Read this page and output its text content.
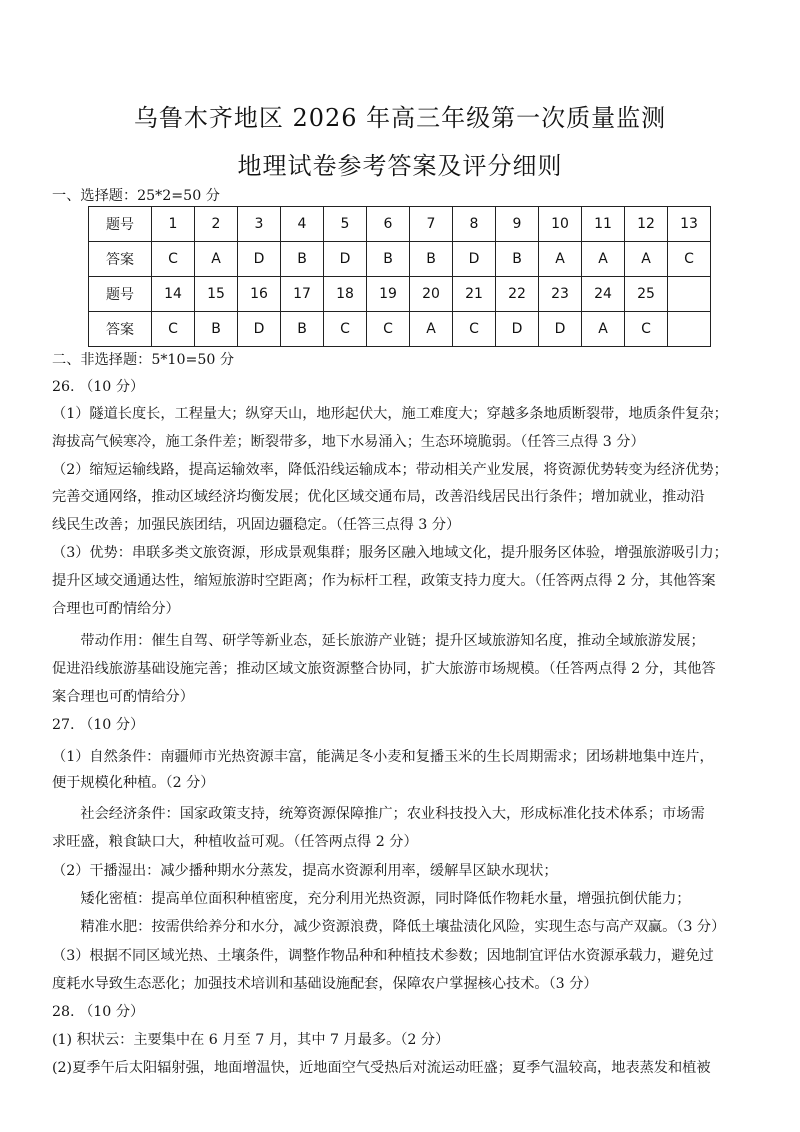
乌鲁木齐地区 2026 年高三年级第一次质量监测
地理试卷参考答案及评分细则
一、选择题：25*2=50 分
题号	1	2	3	4	5	6	7	8	9	10	11	12	13
答案	C	A	D	B	D	B	B	D	B	A	A	A	C
题号	14	15	16	17	18	19	20	21	22	23	24	25	
答案	C	B	D	B	C	C	A	C	D	D	A	C	
二、非选择题：5*10=50 分
26. （10 分）
（1）隧道长度长，工程量大；纵穿天山，地形起伏大，施工难度大；穿越多条地质断裂带，地质条件复杂；
海拔高气候寒冷，施工条件差；断裂带多，地下水易涌入；生态环境脆弱。（任答三点得 3 分）
（2）缩短运输线路，提高运输效率，降低沿线运输成本；带动相关产业发展，将资源优势转变为经济优势；
完善交通网络，推动区域经济均衡发展；优化区域交通布局，改善沿线居民出行条件；增加就业，推动沿
线民生改善；加强民族团结，巩固边疆稳定。（任答三点得 3 分）
（3）优势：串联多类文旅资源，形成景观集群；服务区融入地域文化，提升服务区体验，增强旅游吸引力；
提升区域交通通达性，缩短旅游时空距离；作为标杆工程，政策支持力度大。（任答两点得 2 分，其他答案
合理也可酌情给分）
　　带动作用：催生自驾、研学等新业态，延长旅游产业链；提升区域旅游知名度，推动全域旅游发展；
促进沿线旅游基础设施完善；推动区域文旅资源整合协同，扩大旅游市场规模。（任答两点得 2 分，其他答
案合理也可酌情给分）
27. （10 分）
（1）自然条件：南疆师市光热资源丰富，能满足冬小麦和复播玉米的生长周期需求；团场耕地集中连片，
便于规模化种植。（2 分）
　　社会经济条件：国家政策支持，统筹资源保障推广；农业科技投入大，形成标准化技术体系；市场需
求旺盛，粮食缺口大，种植收益可观。（任答两点得 2 分）
（2）干播湿出：减少播种期水分蒸发，提高水资源利用率，缓解旱区缺水现状；
　　矮化密植：提高单位面积种植密度，充分利用光热资源，同时降低作物耗水量，增强抗倒伏能力；
　　精准水肥：按需供给养分和水分，减少资源浪费，降低土壤盐渍化风险，实现生态与高产双赢。（3 分）
（3）根据不同区域光热、土壤条件，调整作物品种和种植技术参数；因地制宜评估水资源承载力，避免过
度耗水导致生态恶化；加强技术培训和基础设施配套，保障农户掌握核心技术。（3 分）
28. （10 分）
(1) 积状云：主要集中在 6 月至 7 月，其中 7 月最多。（2 分）
(2)夏季午后太阳辐射强，地面增温快，近地面空气受热后对流运动旺盛；夏季气温较高，地表蒸发和植被
